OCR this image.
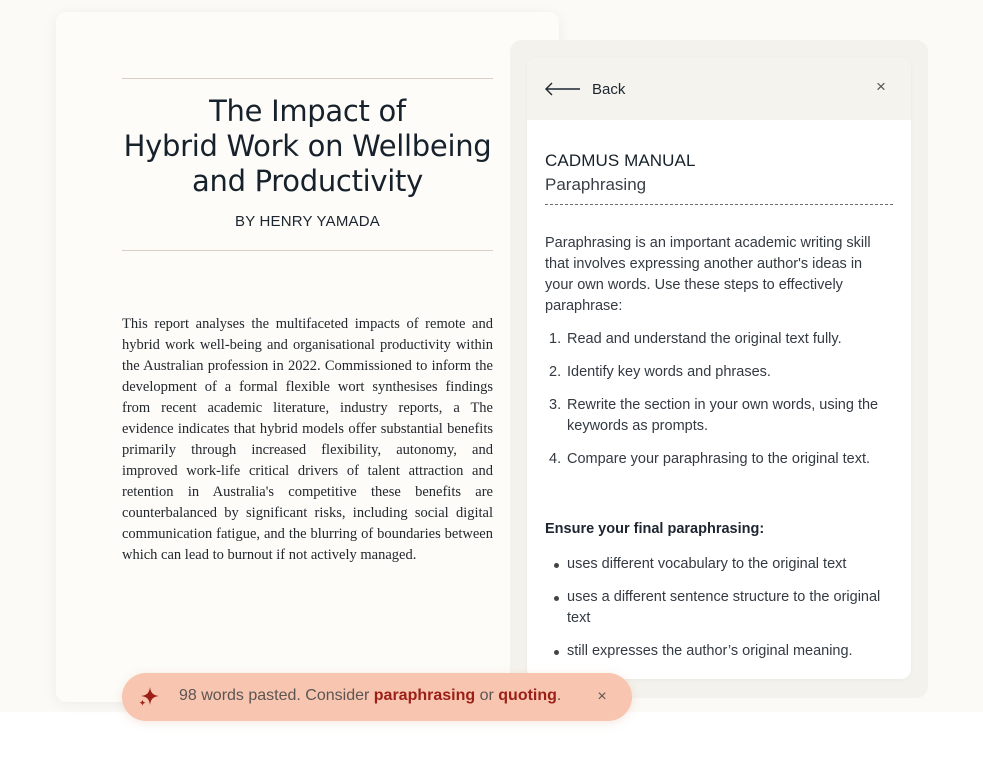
The Impact of
Hybrid Work on Wellbeing
and Productivity
BY HENRY YAMADA
This report analyses the multifaceted impacts of remote and hybrid work well-being and organisational productivity within the Australian profession in 2022. Commissioned to inform the development of a formal flexible wort synthesises findings from recent academic literature, industry reports, a The evidence indicates that hybrid models offer substantial benefits primarily through increased flexibility, autonomy, and improved work-life critical drivers of talent attraction and retention in Australia's competitive these benefits are counterbalanced by significant risks, including social digital communication fatigue, and the blurring of boundaries between which can lead to burnout if not actively managed.
Back	×
CADMUS MANUAL
Paraphrasing
Paraphrasing is an important academic writing skill that involves expressing another author's ideas in your own words. Use these steps to effectively paraphrase:
1. Read and understand the original text fully.
2. Identify key words and phrases.
3. Rewrite the section in your own words, using the keywords as prompts.
4. Compare your paraphrasing to the original text.
Ensure your final paraphrasing:
uses different vocabulary to the original text
uses a different sentence structure to the original text
still expresses the author’s original meaning.
98 words pasted. Consider paraphrasing or quoting.	×
